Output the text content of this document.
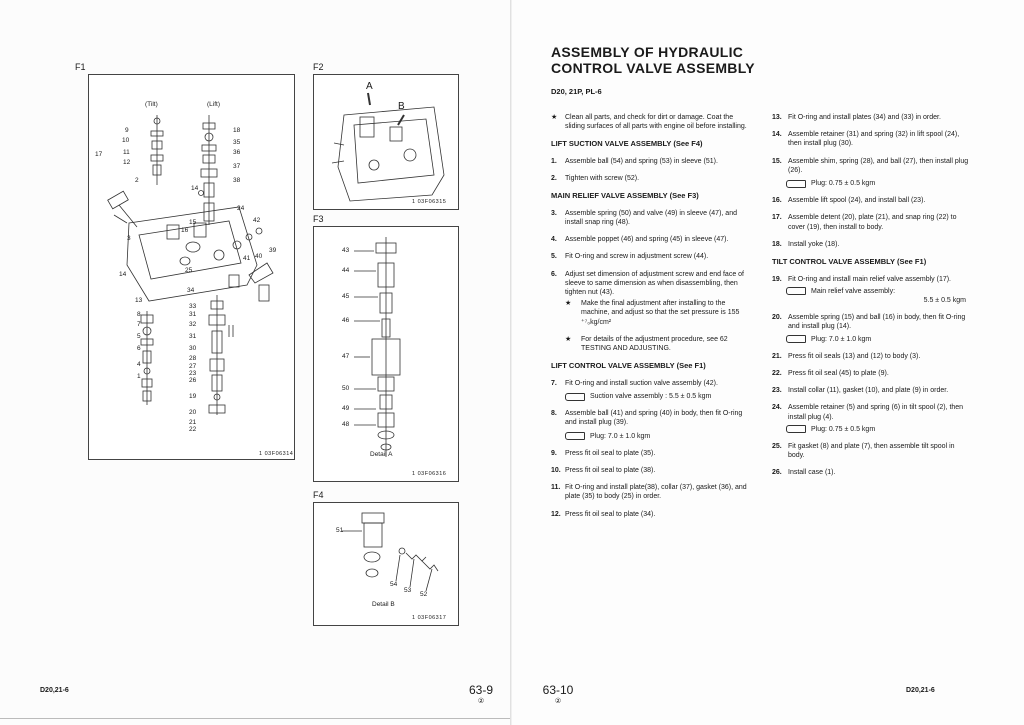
F1
(Tilt)	(Lift)
9
10
17	11
12
18
35
36
37
38
2
14
24
3
16
15	42
39
41 40
14
25
34
13
8
7
5
6
4
1
33
31
32
31
30
28
27
23
26
19
20
21
22
1 03F06314
F2
A
B
1 03F06315
F3
43
44
45
46
47
50
49
48
Detail A
1 03F06316
F4
51
54
53
52
Detail B
1 03F06317
D20,21-6	63-9
②
ASSEMBLY OF HYDRAULIC CONTROL VALVE ASSEMBLY
D20, 21P, PL-6
★ Clean all parts, and check for dirt or damage. Coat the sliding surfaces of all parts with engine oil before installing.
LIFT SUCTION VALVE ASSEMBLY (See F4)
1.	Assemble ball (54) and spring (53) in sleeve (51).
2.	Tighten with screw (52).
MAIN RELIEF VALVE ASSEMBLY (See F3)
3.	Assemble spring (50) and valve (49) in sleeve (47), and install snap ring (48).
4.	Assemble poppet (46) and spring (45) in sleeve (47).
5.	Fit O-ring and screw in adjustment screw (44).
6.	Adjust set dimension of adjustment screw and end face of sleeve to same dimension as when disassembling, then tighten nut (43).
★ Make the final adjustment after installing to the machine, and adjust so that the set pressure is 155 ⁺⁷₀kg/cm²
★ For details of the adjustment procedure, see 62 TESTING AND ADJUSTING.
LIFT CONTROL VALVE ASSEMBLY (See F1)
7.	Fit O-ring and install suction valve assembly (42).
Suction valve assembly : 5.5 ± 0.5 kgm
8.	Assemble ball (41) and spring (40) in body, then fit O-ring and install plug (39).
Plug: 7.0 ± 1.0 kgm
9.	Press fit oil seal to plate (35).
10. Press fit oil seal to plate (38).
11. Fit O-ring and install plate(38), collar (37), gasket (36), and plate (35) to body (25) in order.
12. Press fit oil seal to plate (34).
13. Fit O-ring and install plates (34) and (33) in order.
14. Assemble retainer (31) and spring (32) in lift spool (24), then install plug (30).
15. Assemble shim, spring (28), and ball (27), then install plug (26).
Plug: 0.75 ± 0.5 kgm
16. Assemble lift spool (24), and install ball (23).
17. Assemble detent (20), plate (21), and snap ring (22) to cover (19), then install to body.
18. Install yoke (18).
TILT CONTROL VALVE ASSEMBLY (See F1)
19. Fit O-ring and install main relief valve assembly (17).
Main relief valve assembly:
5.5 ± 0.5 kgm
20. Assemble spring (15) and ball (16) in body, then fit O-ring and install plug (14).
Plug: 7.0 ± 1.0 kgm
21. Press fit oil seals (13) and (12) to body (3).
22. Press fit oil seal (45) to plate (9).
23. Install collar (11), gasket (10), and plate (9) in order.
24. Assemble retainer (5) and spring (6) in tilt spool (2), then install plug (4).
Plug: 0.75 ± 0.5 kgm
25. Fit gasket (8) and plate (7), then assemble tilt spool in body.
26. Install case (1).
63-10
②
D20,21-6
